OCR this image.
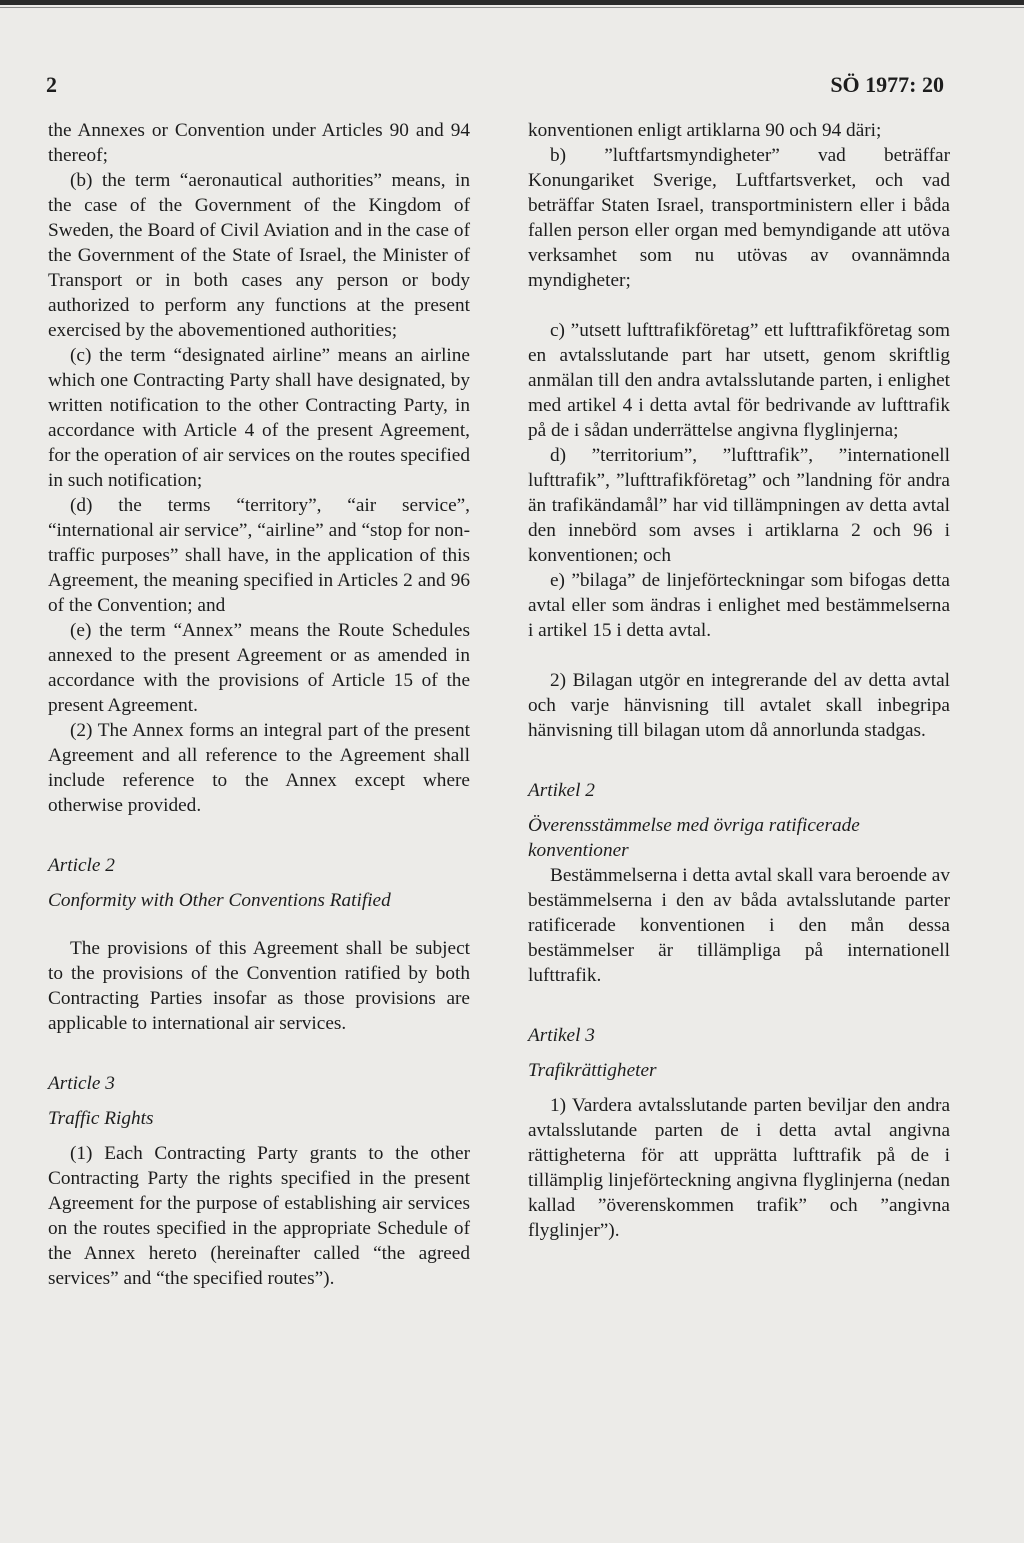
2	SÖ 1977: 20

the Annexes or Convention under Articles 90 and 94 thereof;

(b) the term “aeronautical authorities” means, in the case of the Government of the Kingdom of Sweden, the Board of Civil Aviation and in the case of the Government of the State of Israel, the Minister of Transport or in both cases any person or body authorized to perform any functions at the present exercised by the abovementioned authorities;

(c) the term “designated airline” means an airline which one Contracting Party shall have designated, by written notification to the other Contracting Party, in accordance with Article 4 of the present Agreement, for the operation of air services on the routes specified in such notification;

(d) the terms “territory”, “air service”, “international air service”, “airline” and “stop for non-traffic purposes” shall have, in the application of this Agreement, the meaning specified in Articles 2 and 96 of the Convention; and

(e) the term “Annex” means the Route Schedules annexed to the present Agreement or as amended in accordance with the provisions of Article 15 of the present Agreement.

(2) The Annex forms an integral part of the present Agreement and all reference to the Agreement shall include reference to the Annex except where otherwise provided.

Article 2

Conformity with Other Conventions Ratified

The provisions of this Agreement shall be subject to the provisions of the Convention ratified by both Contracting Parties insofar as those provisions are applicable to international air services.

Article 3

Traffic Rights

(1) Each Contracting Party grants to the other Contracting Party the rights specified in the present Agreement for the purpose of establishing air services on the routes specified in the appropriate Schedule of the Annex hereto (hereinafter called “the agreed services” and “the specified routes”).

konventionen enligt artiklarna 90 och 94 däri;

b) ”luftfartsmyndigheter” vad beträffar Konungariket Sverige, Luftfartsverket, och vad beträffar Staten Israel, transportministern eller i båda fallen person eller organ med bemyndigande att utöva verksamhet som nu utövas av ovannämnda myndigheter;

c) ”utsett lufttrafikföretag” ett lufttrafikföretag som en avtalsslutande part har utsett, genom skriftlig anmälan till den andra avtalsslutande parten, i enlighet med artikel 4 i detta avtal för bedrivande av lufttrafik på de i sådan underrättelse angivna flyglinjerna;

d) ”territorium”, ”lufttrafik”, ”internationell lufttrafik”, ”lufttrafikföretag” och ”landning för andra än trafikändamål” har vid tillämpningen av detta avtal den innebörd som avses i artiklarna 2 och 96 i konventionen; och

e) ”bilaga” de linjeförteckningar som bifogas detta avtal eller som ändras i enlighet med bestämmelserna i artikel 15 i detta avtal.

2) Bilagan utgör en integrerande del av detta avtal och varje hänvisning till avtalet skall inbegripa hänvisning till bilagan utom då annorlunda stadgas.

Artikel 2

Överensstämmelse med övriga ratificerade konventioner

Bestämmelserna i detta avtal skall vara beroende av bestämmelserna i den av båda avtalsslutande parter ratificerade konventionen i den mån dessa bestämmelser är tillämpliga på internationell lufttrafik.

Artikel 3

Trafikrättigheter

1) Vardera avtalsslutande parten beviljar den andra avtalsslutande parten de i detta avtal angivna rättigheterna för att upprätta lufttrafik på de i tillämplig linjeförteckning angivna flyglinjerna (nedan kallad ”överenskommen trafik” och ”angivna flyglinjer”).
